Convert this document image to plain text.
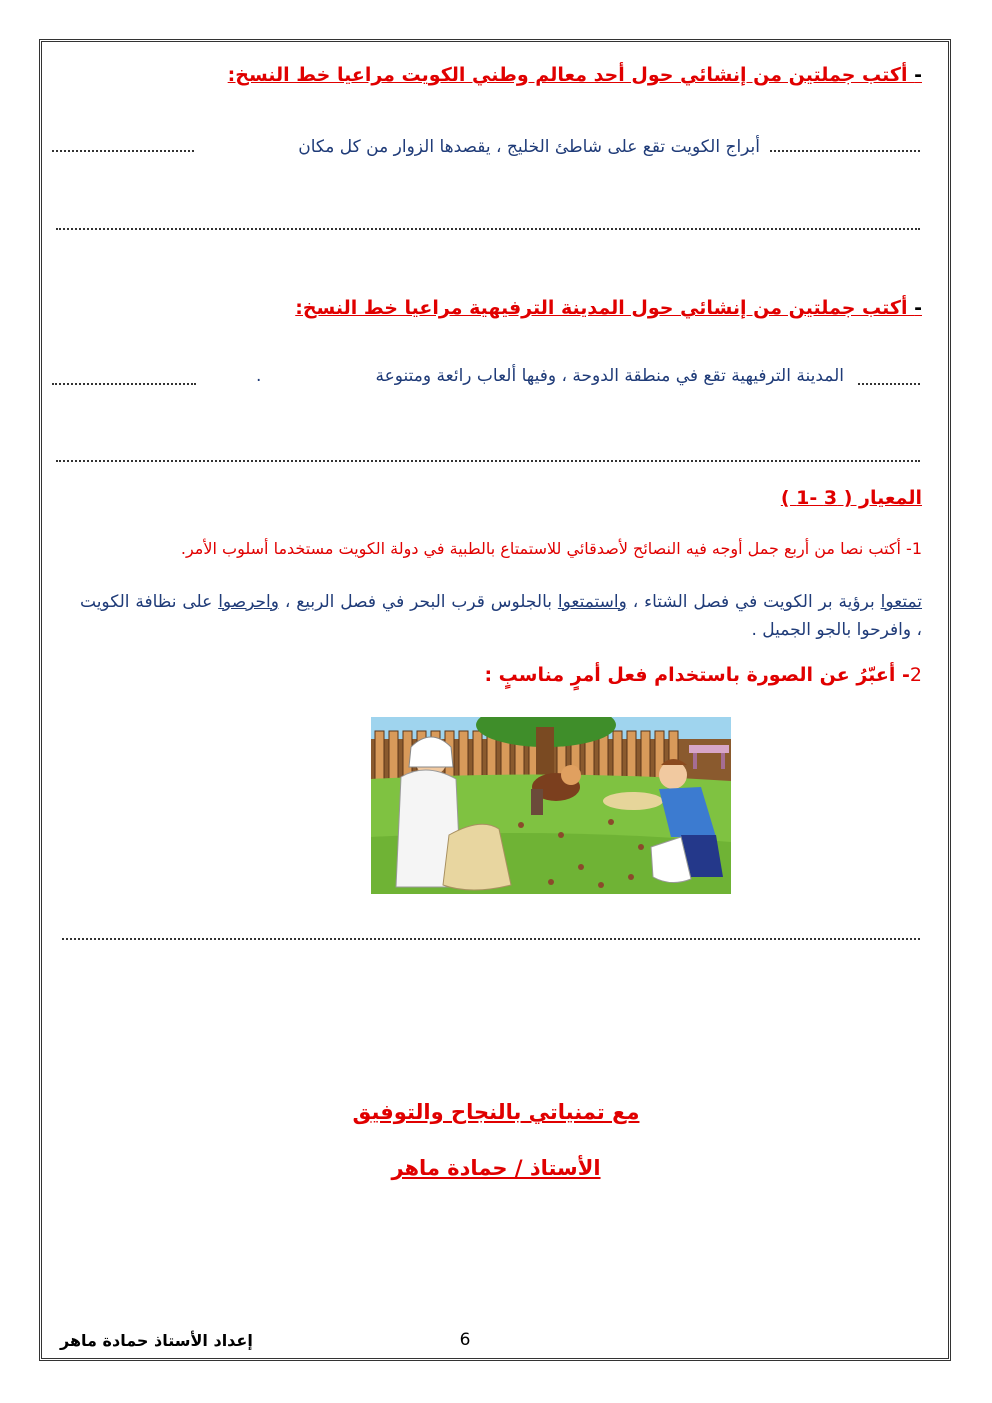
- أكتب جملتين من إنشائي حول أحد معالم وطني الكويت مراعيا خط النسخ:
أبراج الكويت تقع على شاطئ الخليج ، يقصدها الزوار من كل مكان
- أكتب جملتين من إنشائي حول المدينة الترفيهية مراعيا خط النسخ:
المدينة الترفيهية تقع في منطقة الدوحة ، وفيها ألعاب رائعة ومتنوعة
.
المعيار ( 3 -1 )
1- أكتب نصا من أربع جمل أوجه فيه النصائح لأصدقائي للاستمتاع بالطبية في دولة الكويت مستخدما أسلوب الأمر.
تمتعوا برؤية بر الكويت في فصل الشتاء ، واستمتعوا بالجلوس قرب البحر في فصل الربيع ، واحرصوا على نظافة الكويت ، وافرحوا بالجو الجميل .
2- أعبّرُ عن الصورة باستخدام فعل أمرٍ مناسبٍ :
مع تمنياتي بالنجاح والتوفيق
الأستاذ / حمادة ماهر
إعداد الأستاذ حمادة ماهر	6
